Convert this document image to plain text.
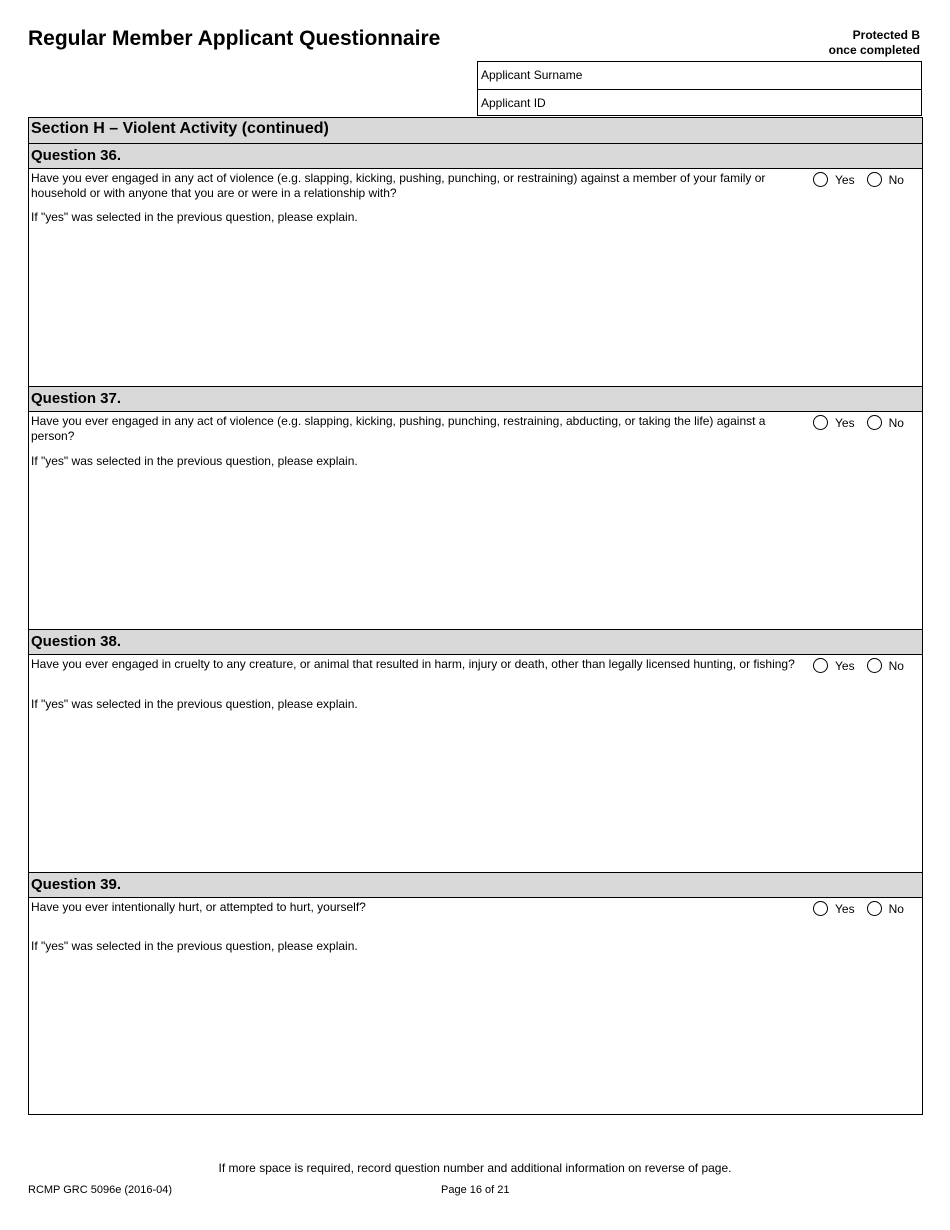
Regular Member Applicant Questionnaire	Protected B
once completed
Applicant Surname
Applicant ID
Section H – Violent Activity (continued)
Question 36.
Have you ever engaged in any act of violence (e.g. slapping, kicking, pushing, punching, or restraining) against a member of your family or household or with anyone that you are or were in a relationship with?
Yes	No
If "yes" was selected in the previous question, please explain.
Question 37.
Have you ever engaged in any act of violence (e.g. slapping, kicking, pushing, punching, restraining, abducting, or taking the life) against a person?
Yes	No
If "yes" was selected in the previous question, please explain.
Question 38.
Have you ever engaged in cruelty to any creature, or animal that resulted in harm, injury or death, other than legally licensed hunting, or fishing?	Yes	No
If "yes" was selected in the previous question, please explain.
Question 39.
Have you ever intentionally hurt, or attempted to hurt, yourself?	Yes	No
If "yes" was selected in the previous question, please explain.
If more space is required, record question number and additional information on reverse of page.
RCMP GRC 5096e (2016-04)	Page 16 of 21
